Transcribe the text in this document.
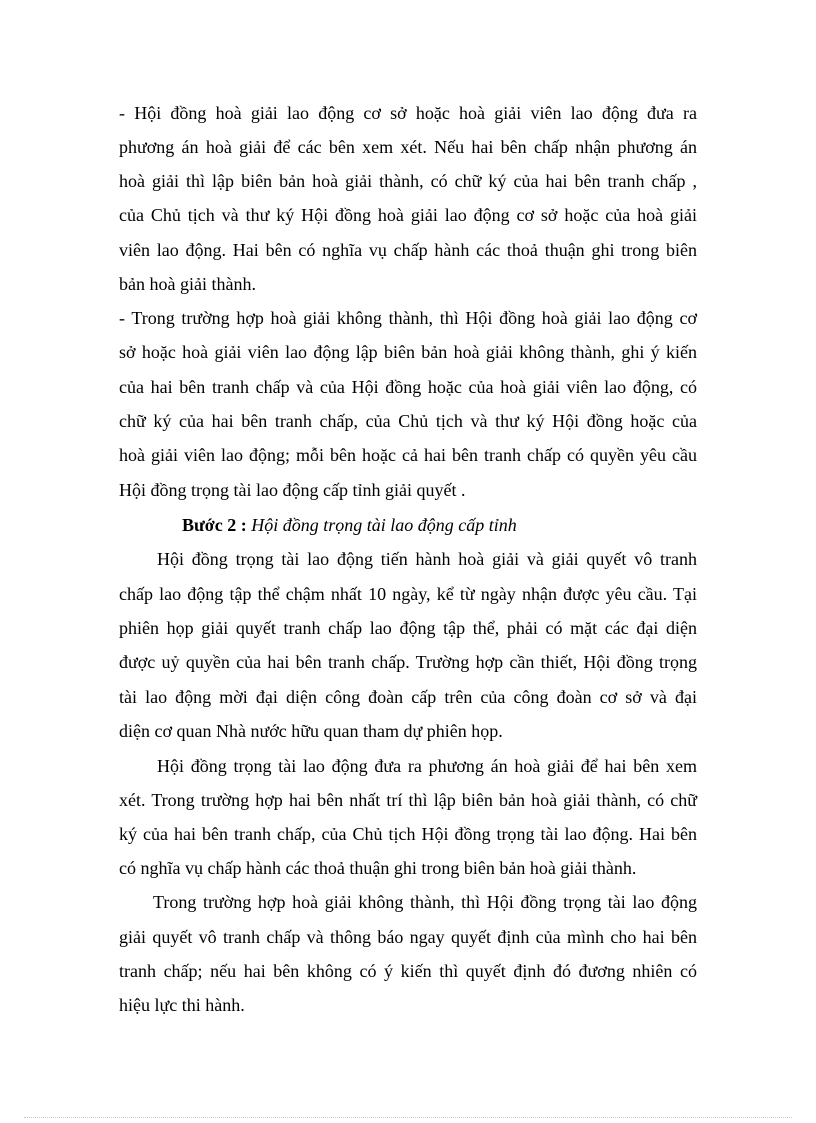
- Hội đồng hoà giải lao động cơ sở hoặc hoà giải viên lao động đưa ra
phương án hoà giải để các bên xem xét. Nếu hai bên chấp nhận phương án
hoà giải thì lập biên bản hoà giải thành, có chữ ký của hai bên tranh chấp ,
của Chủ tịch và thư ký Hội đồng hoà giải lao động cơ sở hoặc của hoà giải
viên lao động. Hai bên có nghĩa vụ chấp hành các thoả thuận ghi trong biên
bản hoà giải thành.
- Trong trường hợp hoà giải không thành, thì Hội đồng hoà giải lao động cơ
sở hoặc hoà giải viên lao động lập biên bản hoà giải không thành, ghi ý kiến
của hai bên tranh chấp và của Hội đồng hoặc của hoà giải viên lao động, có
chữ ký của hai bên tranh chấp, của Chủ tịch và thư ký Hội đồng hoặc của
hoà giải viên lao động; mỗi bên hoặc cả hai bên tranh chấp có quyền yêu cầu
Hội đồng trọng tài lao động cấp tỉnh giải quyết .
Bước 2 : Hội đồng trọng tài lao động cấp tỉnh
Hội đồng trọng tài lao động tiến hành hoà giải và giải quyết vô tranh
chấp lao động tập thể chậm nhất 10 ngày, kể từ ngày nhận được yêu cầu. Tại
phiên họp giải quyết tranh chấp lao động tập thể, phải có mặt các đại diện
được uỷ quyền của hai bên tranh chấp. Trường hợp cần thiết, Hội đồng trọng
tài lao động mời đại diện công đoàn cấp trên của công đoàn cơ sở và đại
diện cơ quan Nhà nước hữu quan tham dự phiên họp.
Hội đồng trọng tài lao động đưa ra phương án hoà giải để hai bên xem
xét. Trong trường hợp hai bên nhất trí thì lập biên bản hoà giải thành, có chữ
ký của hai bên tranh chấp, của Chủ tịch Hội đồng trọng tài lao động. Hai bên
có nghĩa vụ chấp hành các thoả thuận ghi trong biên bản hoà giải thành.
Trong trường hợp hoà giải không thành, thì Hội đồng trọng tài lao động
giải quyết vô tranh chấp và thông báo ngay quyết định của mình cho hai bên
tranh chấp; nếu hai bên không có ý kiến thì quyết định đó đương nhiên có
hiệu lực thi hành.
